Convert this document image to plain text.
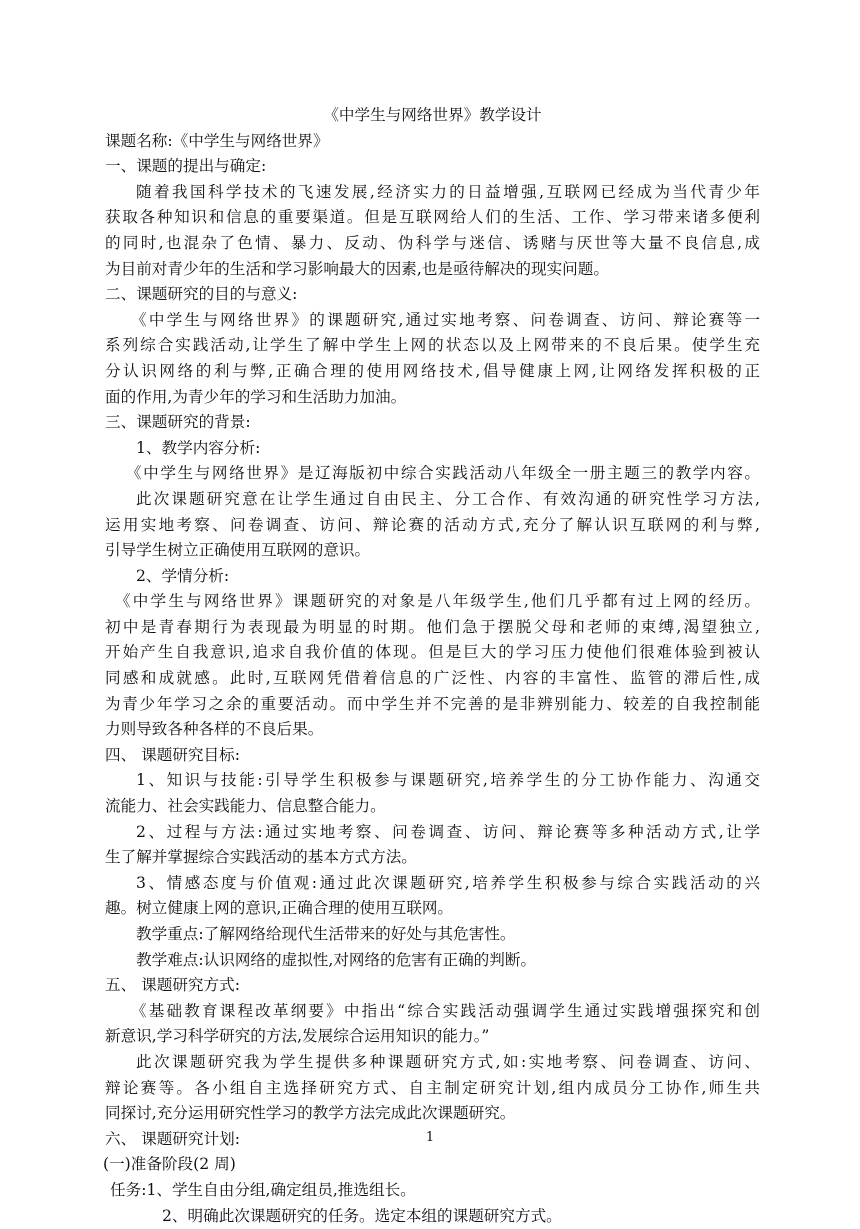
《中学生与网络世界》教学设计
课题名称:《中学生与网络世界》
一、课题的提出与确定:
随着我国科学技术的飞速发展,经济实力的日益增强,互联网已经成为当代青少年
获取各种知识和信息的重要渠道。但是互联网给人们的生活、工作、学习带来诸多便利
的同时,也混杂了色情、暴力、反动、伪科学与迷信、诱赌与厌世等大量不良信息,成
为目前对青少年的生活和学习影响最大的因素,也是亟待解决的现实问题。
二、课题研究的目的与意义:
《中学生与网络世界》的课题研究,通过实地考察、问卷调查、访问、辩论赛等一
系列综合实践活动,让学生了解中学生上网的状态以及上网带来的不良后果。使学生充
分认识网络的利与弊,正确合理的使用网络技术,倡导健康上网,让网络发挥积极的正
面的作用,为青少年的学习和生活助力加油。
三、课题研究的背景:
1、教学内容分析:
《中学生与网络世界》是辽海版初中综合实践活动八年级全一册主题三的教学内容。
此次课题研究意在让学生通过自由民主、分工合作、有效沟通的研究性学习方法,
运用实地考察、问卷调查、访问、辩论赛的活动方式,充分了解认识互联网的利与弊,
引导学生树立正确使用互联网的意识。
2、学情分析:
《中学生与网络世界》课题研究的对象是八年级学生,他们几乎都有过上网的经历。
初中是青春期行为表现最为明显的时期。他们急于摆脱父母和老师的束缚,渴望独立,
开始产生自我意识,追求自我价值的体现。但是巨大的学习压力使他们很难体验到被认
同感和成就感。此时,互联网凭借着信息的广泛性、内容的丰富性、监管的滞后性,成
为青少年学习之余的重要活动。而中学生并不完善的是非辨别能力、较差的自我控制能
力则导致各种各样的不良后果。
四、 课题研究目标:
1、知识与技能:引导学生积极参与课题研究,培养学生的分工协作能力、沟通交
流能力、社会实践能力、信息整合能力。
2、过程与方法:通过实地考察、问卷调查、访问、辩论赛等多种活动方式,让学
生了解并掌握综合实践活动的基本方式方法。
3、情感态度与价值观:通过此次课题研究,培养学生积极参与综合实践活动的兴
趣。树立健康上网的意识,正确合理的使用互联网。
教学重点:了解网络给现代生活带来的好处与其危害性。
教学难点:认识网络的虚拟性,对网络的危害有正确的判断。
五、 课题研究方式:
《基础教育课程改革纲要》中指出“综合实践活动强调学生通过实践增强探究和创
新意识,学习科学研究的方法,发展综合运用知识的能力。”
此次课题研究我为学生提供多种课题研究方式,如:实地考察、问卷调查、访问、
辩论赛等。各小组自主选择研究方式、自主制定研究计划,组内成员分工协作,师生共
同探讨,充分运用研究性学习的教学方法完成此次课题研究。
六、 课题研究计划:
(一)准备阶段(2 周)
任务:1、学生自由分组,确定组员,推选组长。
2、明确此次课题研究的任务。选定本组的课题研究方式。
1
